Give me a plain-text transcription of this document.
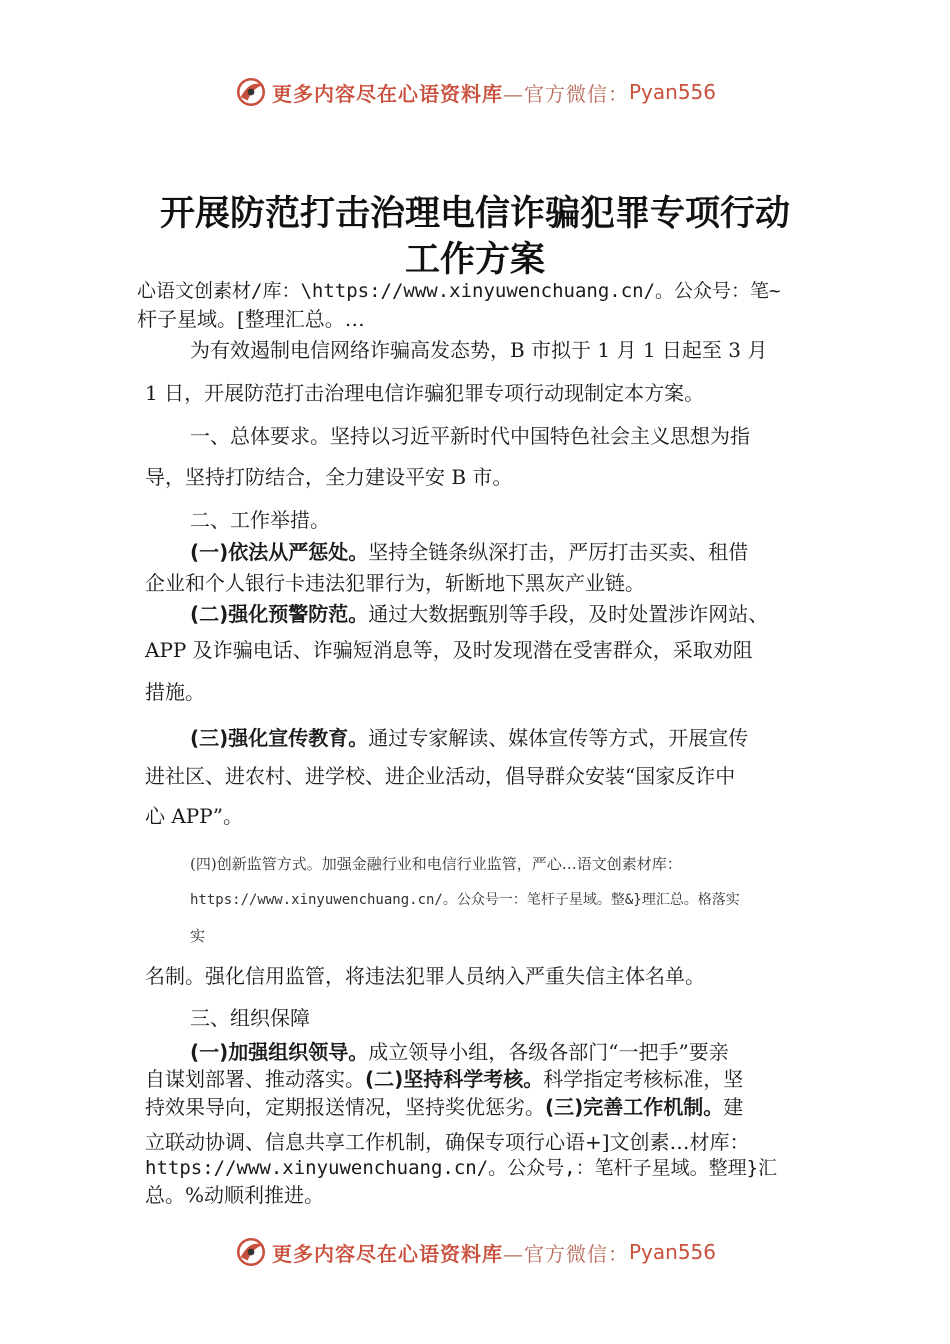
更多内容尽在心语资料库 —官方微信： Pyan556
开展防范打击治理电信诈骗犯罪专项行动
工作方案
心语文创素材/库：\https://www.xinyuwenchuang.cn/。公众号：笔~
杆子星域。[整理汇总。…
为有效遏制电信网络诈骗高发态势，B 市拟于 1 月 1 日起至 3 月
1 日，开展防范打击治理电信诈骗犯罪专项行动现制定本方案。
一、总体要求。坚持以习近平新时代中国特色社会主义思想为指
导，坚持打防结合，全力建设平安 B 市。
二、工作举措。
(一)依法从严惩处。坚持全链条纵深打击，严厉打击买卖、租借
企业和个人银行卡违法犯罪行为，斩断地下黑灰产业链。
(二)强化预警防范。通过大数据甄别等手段，及时处置涉诈网站、
APP 及诈骗电话、诈骗短消息等，及时发现潜在受害群众，采取劝阻
措施。
(三)强化宣传教育。通过专家解读、媒体宣传等方式，开展宣传
进社区、进农村、进学校、进企业活动，倡导群众安装“国家反诈中
心 APP”。
(四)创新监管方式。加强金融行业和电信行业监管，严心…语文创素材库：
https://www.xinyuwenchuang.cn/。公众号一：笔杆子星域。整&}理汇总。格落实
实
名制。强化信用监管，将违法犯罪人员纳入严重失信主体名单。
三、组织保障
(一)加强组织领导。成立领导小组，各级各部门“一把手”要亲
自谋划部署、推动落实。(二)坚持科学考核。科学指定考核标准，坚
持效果导向，定期报送情况，坚持奖优惩劣。(三)完善工作机制。建
立联动协调、信息共享工作机制，确保专项行心语+]文创素…材库：
https://www.xinyuwenchuang.cn/。公众号,：笔杆子星域。整理}汇
总。%动顺利推进。
更多内容尽在心语资料库 —官方微信： Pyan556
